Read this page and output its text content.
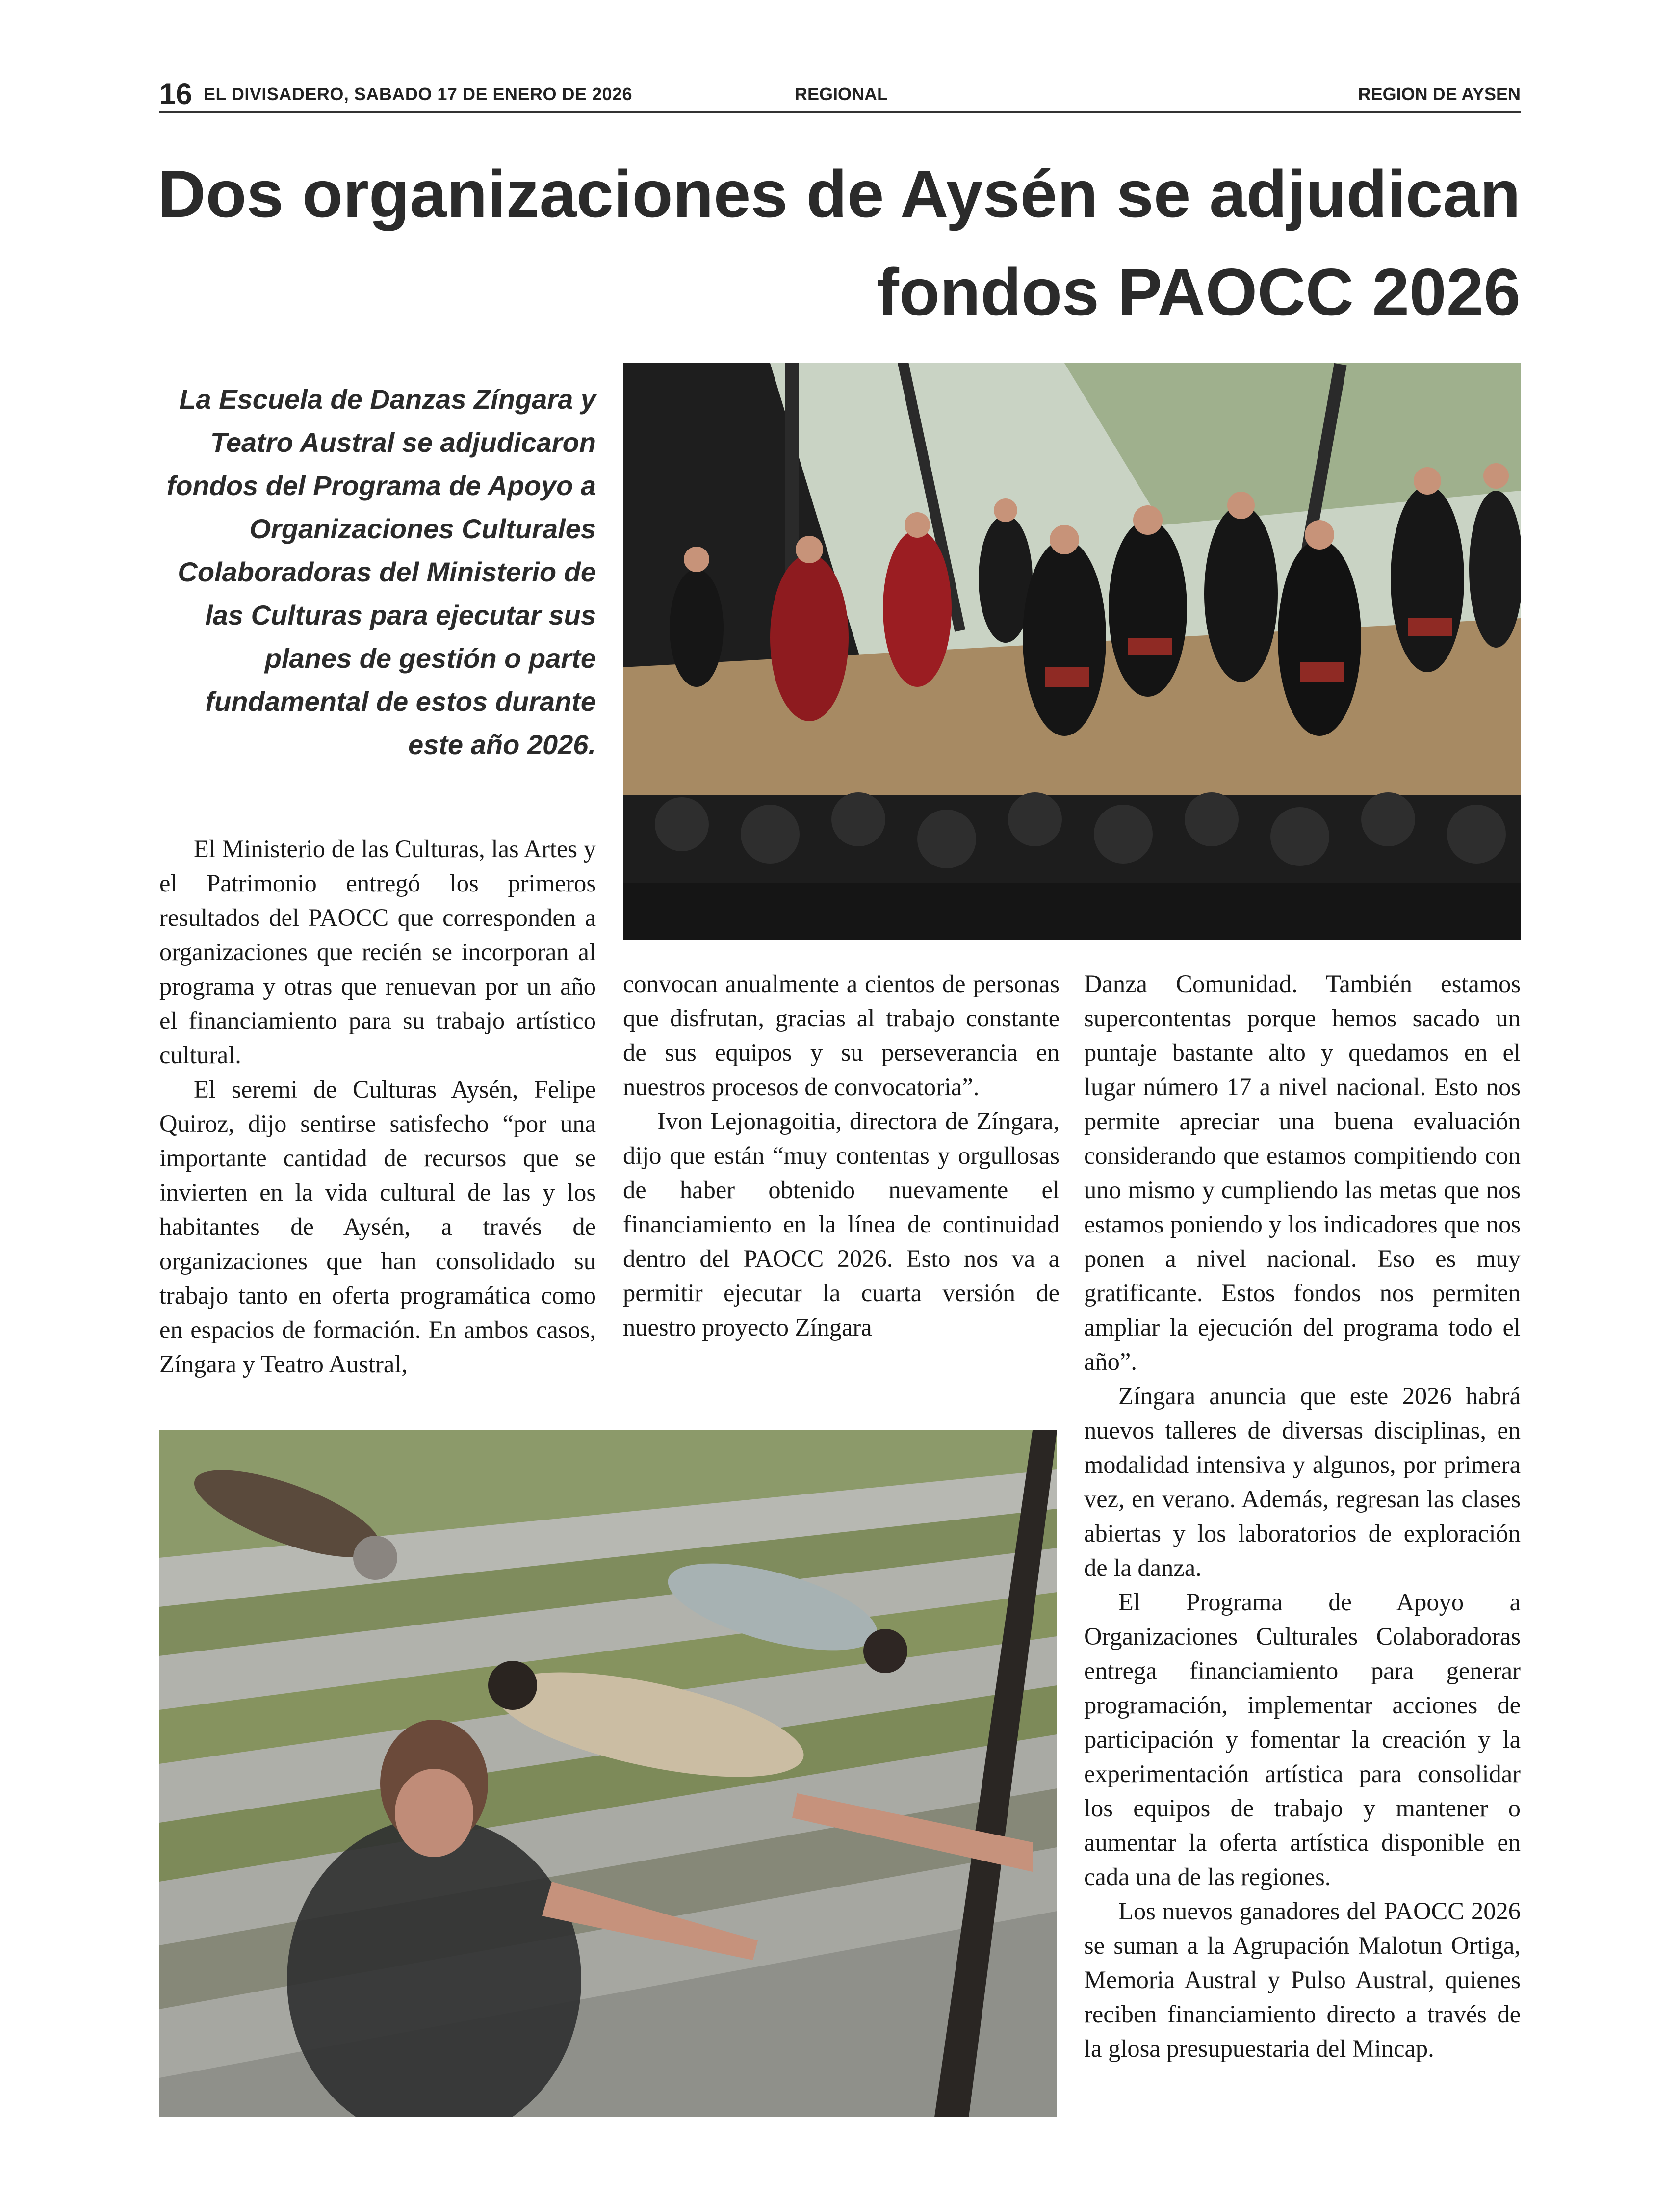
16 EL DIVISADERO, SABADO 17 DE ENERO DE 2026	REGIONAL	REGION DE AYSEN
Dos organizaciones de Aysén se adjudican fondos PAOCC 2026
La Escuela de Danzas Zíngara y Teatro Austral se adjudicaron fondos del Programa de Apoyo a Organizaciones Culturales Colaboradoras del Ministerio de las Culturas para ejecutar sus planes de gestión o parte fundamental de estos durante este año 2026.

El Ministerio de las Culturas, las Artes y el Patrimonio entregó los primeros resultados del PAOCC que corresponden a organizaciones que recién se incorporan al programa y otras que renuevan por un año el financiamiento para su trabajo artístico cultural.

El seremi de Culturas Aysén, Felipe Quiroz, dijo sentirse satisfecho “por una importante cantidad de recursos que se invierten en la vida cultural de las y los habitantes de Aysén, a través de organizaciones que han consolidado su trabajo tanto en oferta programática como en espacios de formación. En ambos casos, Zíngara y Teatro Austral,

convocan anualmente a cientos de personas que disfrutan, gracias al trabajo constante de sus equipos y su perseverancia en nuestros procesos de convocatoria”.

Ivon Lejonagoitia, directora de Zíngara, dijo que están “muy contentas y orgullosas de haber obtenido nuevamente el financiamiento en la línea de continuidad dentro del PAOCC 2026. Esto nos va a permitir ejecutar la cuarta versión de nuestro proyecto Zíngara

Danza Comunidad. También estamos supercontentas porque hemos sacado un puntaje bastante alto y quedamos en el lugar número 17 a nivel nacional. Esto nos permite apreciar una buena evaluación considerando que estamos compitiendo con uno mismo y cumpliendo las metas que nos estamos poniendo y los indicadores que nos ponen a nivel nacional. Eso es muy gratificante. Estos fondos nos permiten ampliar la ejecución del programa todo el año”.

Zíngara anuncia que este 2026 habrá nuevos talleres de diversas disciplinas, en modalidad intensiva y algunos, por primera vez, en verano. Además, regresan las clases abiertas y los laboratorios de exploración de la danza.

El Programa de Apoyo a Organizaciones Culturales Colaboradoras entrega financiamiento para generar programación, implementar acciones de participación y fomentar la creación y la experimentación artística para consolidar los equipos de trabajo y mantener o aumentar la oferta artística disponible en cada una de las regiones.

Los nuevos ganadores del PAOCC 2026 se suman a la Agrupación Malotun Ortiga, Memoria Austral y Pulso Austral, quienes reciben financiamiento directo a través de la glosa presupuestaria del Mincap.
